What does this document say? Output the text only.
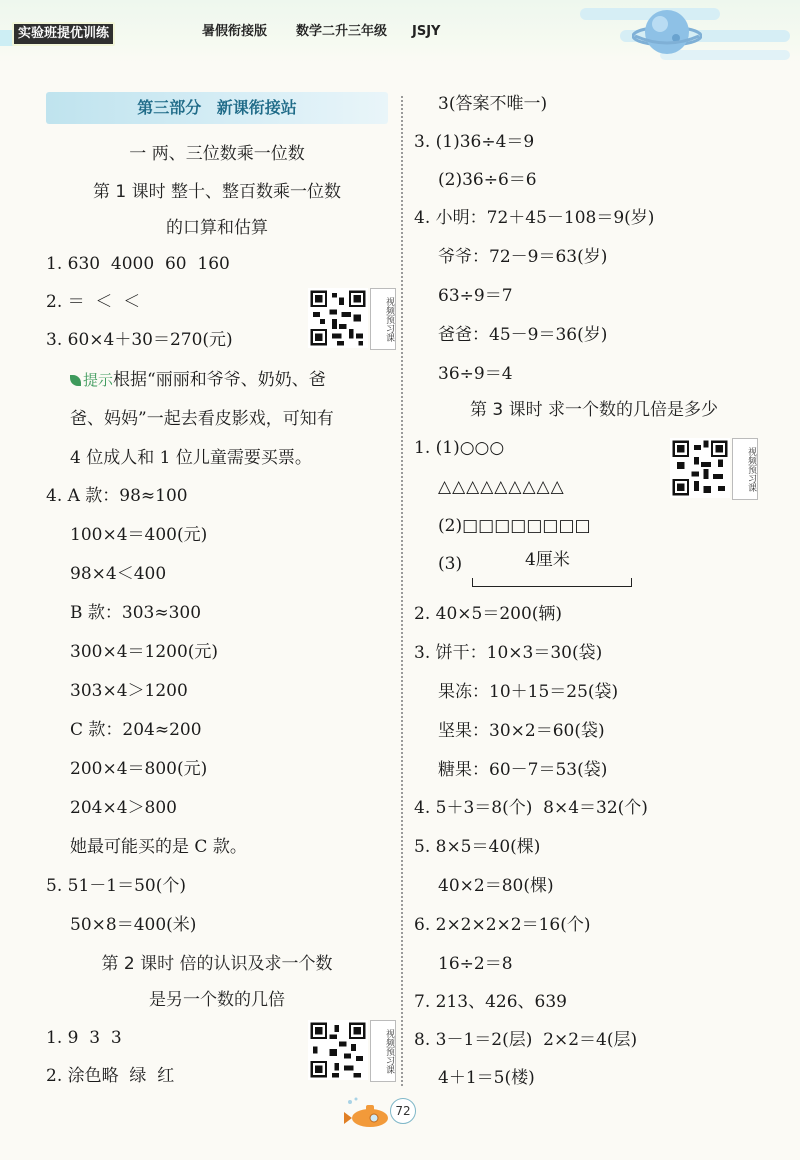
实验班提优训练	暑假衔接版 数学二升三年级 JSJY
第三部分 新课衔接站
一 两、三位数乘一位数
第 1 课时 整十、整百数乘一位数
的口算和估算
1. 630  4000  60  160
2. ＝  ＜  ＜
3. 60×4＋30＝270(元)
提示根据“丽丽和爷爷、奶奶、爸
爸、妈妈”一起去看皮影戏，可知有
4 位成人和 1 位儿童需要买票。
4. A 款：98≈100
100×4＝400(元)
98×4＜400
B 款：303≈300
300×4＝1200(元)
303×4＞1200
C 款：204≈200
200×4＝800(元)
204×4＞800
她最可能买的是 C 款。
5. 51－1＝50(个)
50×8＝400(米)
第 2 课时 倍的认识及求一个数
是另一个数的几倍
1. 9  3  3
2. 涂色略  绿  红
视频预习课
视频预习课
3(答案不唯一)
3. (1)36÷4＝9
(2)36÷6＝6
4. 小明：72＋45－108＝9(岁)
爷爷：72－9＝63(岁)
63÷9＝7
爸爸：45－9＝36(岁)
36÷9＝4
第 3 课时 求一个数的几倍是多少
1. (1)○○○
△△△△△△△△△
(2)□□□□□□□□
(3)	4厘米
2. 40×5＝200(辆)
3. 饼干：10×3＝30(袋)
果冻：10＋15＝25(袋)
坚果：30×2＝60(袋)
糖果：60－7＝53(袋)
4. 5＋3＝8(个)  8×4＝32(个)
5. 8×5＝40(棵)
40×2＝80(棵)
6. 2×2×2×2＝16(个)
16÷2＝8
7. 213、426、639
8. 3－1＝2(层)  2×2＝4(层)
4＋1＝5(楼)
视频预习课
72
